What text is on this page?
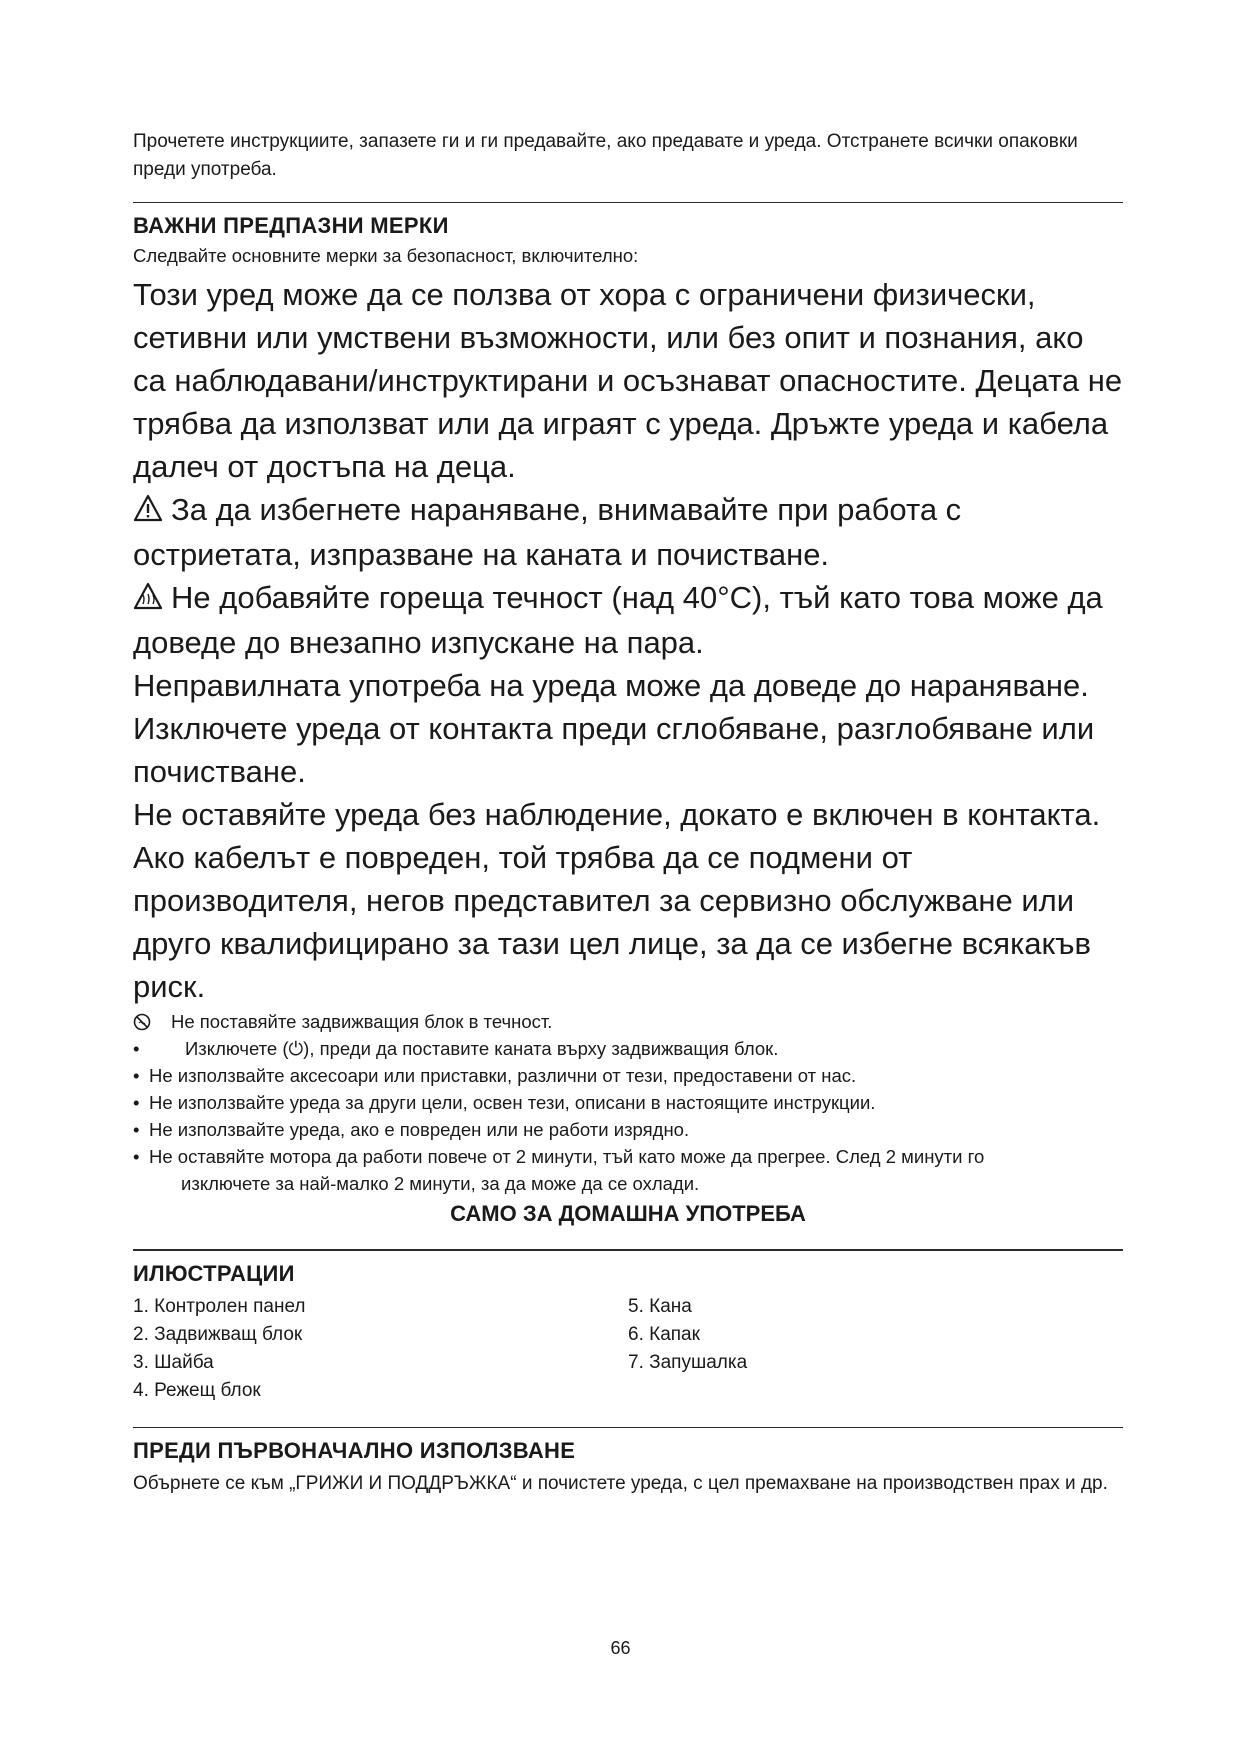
Прочетете инструкциите, запазете ги и ги предавайте, ако предавате и уреда. Отстранете всички опаковки преди употреба.

ВАЖНИ ПРЕДПАЗНИ МЕРКИ

Следвайте основните мерки за безопасност, включително:

Този уред може да се ползва от хора с ограничени физически, сетивни или умствени възможности, или без опит и познания, ако са наблюдавани/инструктирани и осъзнават опасностите. Децата не трябва да използват или да играят с уреда. Дръжте уреда и кабела далеч от достъпа на деца.

За да избегнете нараняване, внимавайте при работа с остриетата, изпразване на каната и почистване.

Не добавяйте гореща течност (над 40°C), тъй като това може да доведе до внезапно изпускане на пара.

Неправилната употреба на уреда може да доведе до нараняване.

Изключете уреда от контакта преди сглобяване, разглобяване или почистване.

Не оставяйте уреда без наблюдение, докато е включен в контакта.

Ако кабелът е повреден, той трябва да се подмени от производителя, негов представител за сервизно обслужване или друго квалифицирано за тази цел лице, за да се избегне всякакъв риск.

Не поставяйте задвижващия блок в течност.
• Изключете (⏻), преди да поставите каната върху задвижващия блок.
• Не използвайте аксесоари или приставки, различни от тези, предоставени от нас.
• Не използвайте уреда за други цели, освен тези, описани в настоящите инструкции.
• Не използвайте уреда, ако е повреден или не работи изрядно.
• Не оставяйте мотора да работи повече от 2 минути, тъй като може да прегрее. След 2 минути го
изключете за най-малко 2 минути, за да може да се охлади.
САМО ЗА ДОМАШНА УПОТРЕБА
ИЛЮСТРАЦИИ
1. Контролен панел
2. Задвижващ блок
3. Шайба
4. Режещ блок
5. Кана
6. Капак
7. Запушалка
ПРЕДИ ПЪРВОНАЧАЛНО ИЗПОЛЗВАНЕ

Обърнете се към „ГРИЖИ И ПОДДРЪЖКА“ и почистете уреда, с цел премахване на производствен прах и др.

66
